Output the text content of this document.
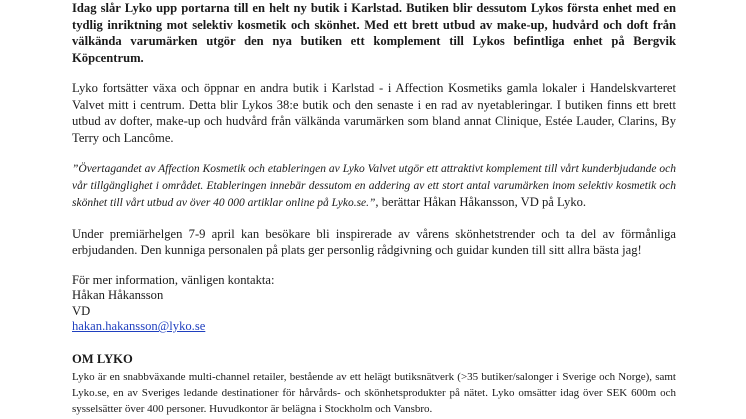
Idag slår Lyko upp portarna till en helt ny butik i Karlstad. Butiken blir dessutom Lykos första enhet med en tydlig inriktning mot selektiv kosmetik och skönhet. Med ett brett utbud av make-up, hudvård och doft från välkända varumärken utgör den nya butiken ett komplement till Lykos befintliga enhet på Bergvik Köpcentrum.

Lyko fortsätter växa och öppnar en andra butik i Karlstad - i Affection Kosmetiks gamla lokaler i Handelskvarteret Valvet mitt i centrum. Detta blir Lykos 38:e butik och den senaste i en rad av nyetableringar. I butiken finns ett brett utbud av dofter, make-up och hudvård från välkända varumärken som bland annat Clinique, Estée Lauder, Clarins, By Terry och Lancôme.

”Övertagandet av Affection Kosmetik och etableringen av Lyko Valvet utgör ett attraktivt komplement till vårt kunderbjudande och vår tillgänglighet i området. Etableringen innebär dessutom en addering av ett stort antal varumärken inom selektiv kosmetik och skönhet till vårt utbud av över 40 000 artiklar online på Lyko.se.”, berättar Håkan Håkansson, VD på Lyko.

Under premiärhelgen 7-9 april kan besökare bli inspirerade av vårens skönhetstrender och ta del av förmånliga erbjudanden. Den kunniga personalen på plats ger personlig rådgivning och guidar kunden till sitt allra bästa jag!

För mer information, vänligen kontakta:
Håkan Håkansson
VD
hakan.hakansson@lyko.se

OM LYKO

Lyko är en snabbväxande multi-channel retailer, bestående av ett helägt butiksnätverk (>35 butiker/salonger i Sverige och Norge), samt Lyko.se, en av Sveriges ledande destinationer för hårvårds- och skönhetsprodukter på nätet. Lyko omsätter idag över SEK 600m och sysselsätter över 400 personer. Huvudkontor är belägna i Stockholm och Vansbro.
